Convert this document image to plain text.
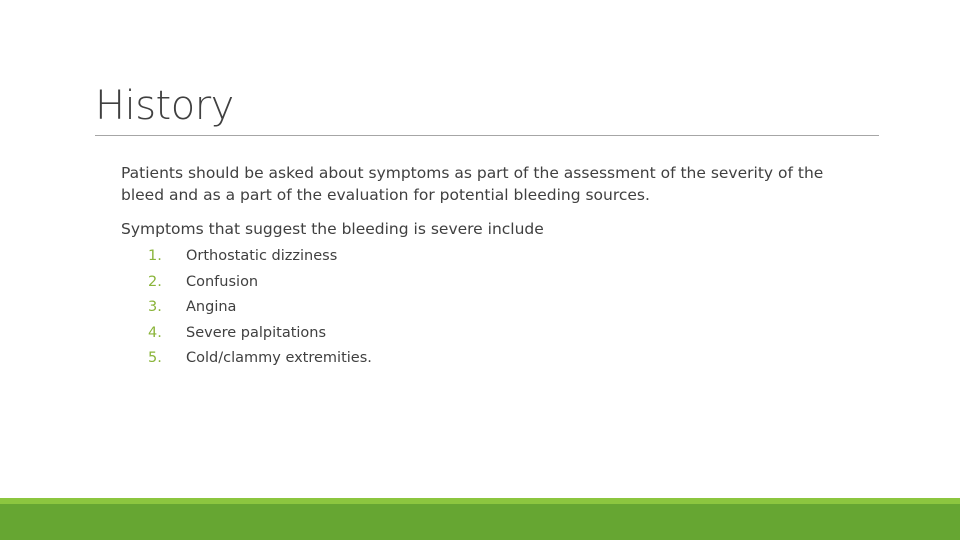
History

Patients should be asked about symptoms as part of the assessment of the severity of the bleed and as a part of the evaluation for potential bleeding sources.

Symptoms that suggest the bleeding is severe include

1.	Orthostatic dizziness
2.	Confusion
3.	Angina
4.	Severe palpitations
5.	Cold/clammy extremities.
